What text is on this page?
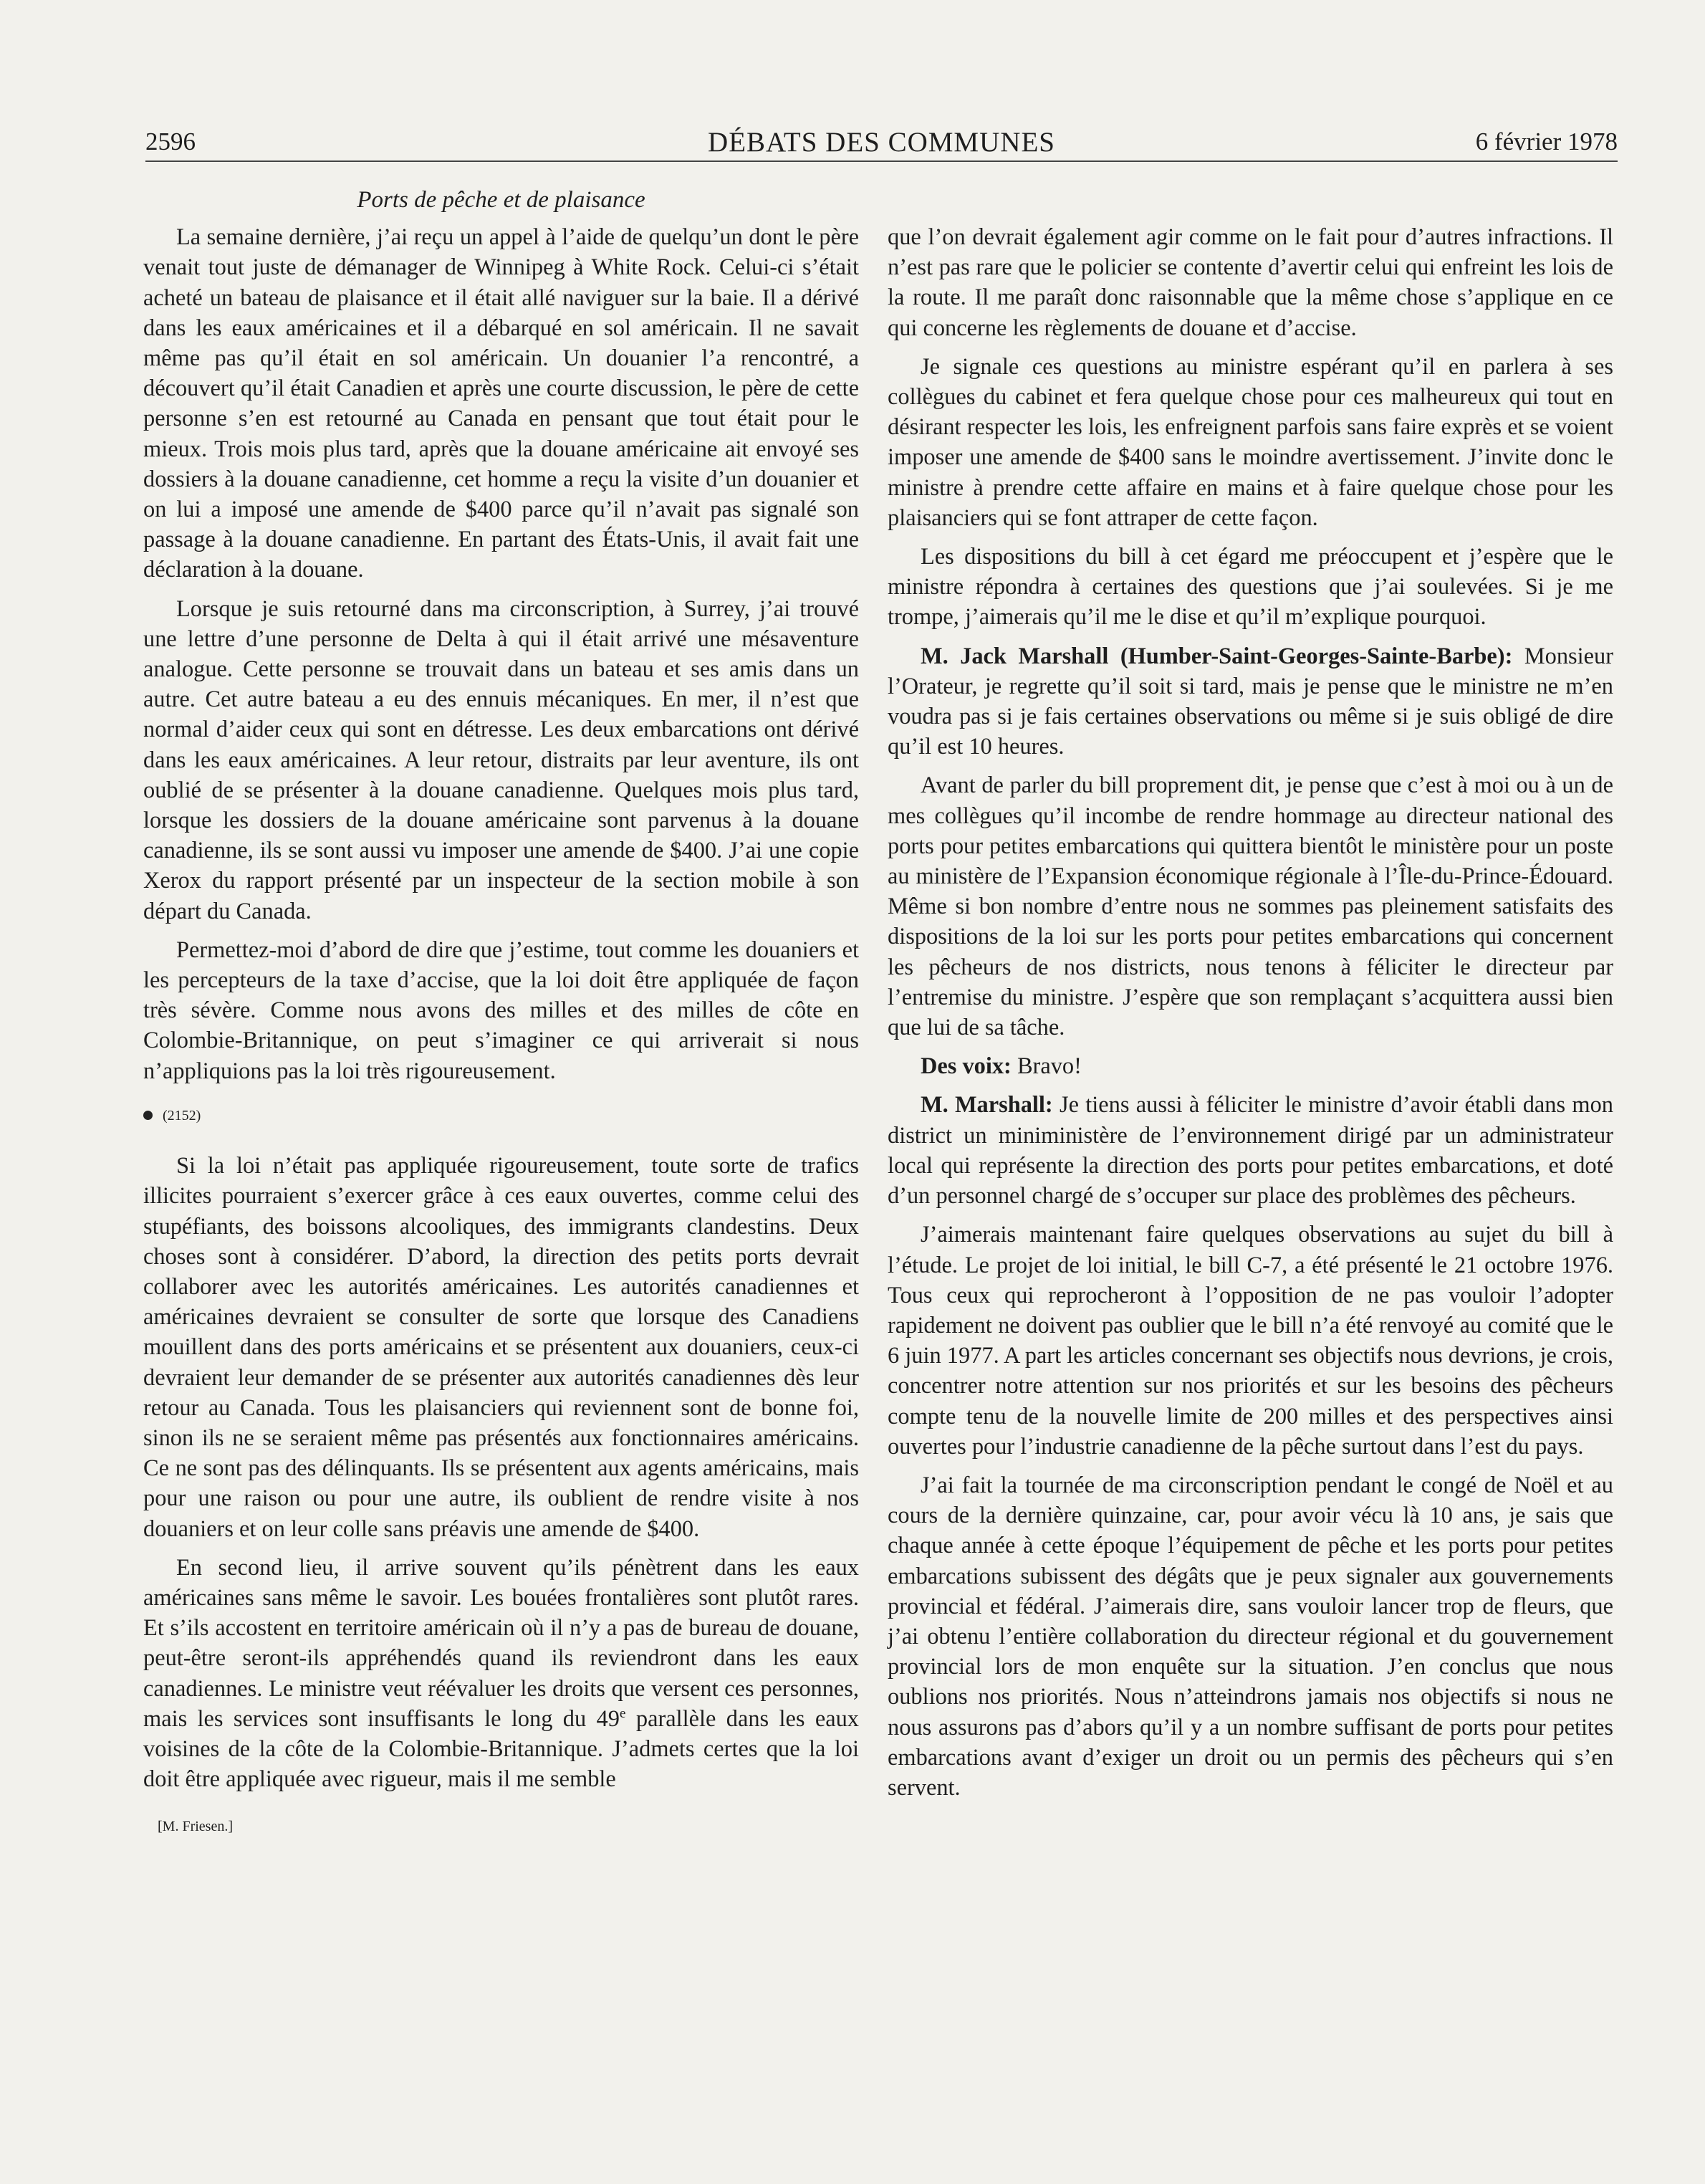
2596	DÉBATS DES COMMUNES	6 février 1978
Ports de pêche et de plaisance

La semaine dernière, j’ai reçu un appel à l’aide de quelqu’un dont le père venait tout juste de démanager de Winnipeg à White Rock. Celui-ci s’était acheté un bateau de plaisance et il était allé naviguer sur la baie. Il a dérivé dans les eaux américaines et il a débarqué en sol américain. Il ne savait même pas qu’il était en sol américain. Un douanier l’a rencontré, a découvert qu’il était Canadien et après une courte discussion, le père de cette personne s’en est retourné au Canada en pensant que tout était pour le mieux. Trois mois plus tard, après que la douane américaine ait envoyé ses dossiers à la douane canadienne, cet homme a reçu la visite d’un douanier et on lui a imposé une amende de $400 parce qu’il n’avait pas signalé son passage à la douane canadienne. En partant des États-Unis, il avait fait une déclaration à la douane.

Lorsque je suis retourné dans ma circonscription, à Surrey, j’ai trouvé une lettre d’une personne de Delta à qui il était arrivé une mésaventure analogue. Cette personne se trouvait dans un bateau et ses amis dans un autre. Cet autre bateau a eu des ennuis mécaniques. En mer, il n’est que normal d’aider ceux qui sont en détresse. Les deux embarcations ont dérivé dans les eaux américaines. A leur retour, distraits par leur aventure, ils ont oublié de se présenter à la douane canadienne. Quelques mois plus tard, lorsque les dossiers de la douane américaine sont parvenus à la douane canadienne, ils se sont aussi vu imposer une amende de $400. J’ai une copie Xerox du rapport présenté par un inspecteur de la section mobile à son départ du Canada.

Permettez-moi d’abord de dire que j’estime, tout comme les douaniers et les percepteurs de la taxe d’accise, que la loi doit être appliquée de façon très sévère. Comme nous avons des milles et des milles de côte en Colombie-Britannique, on peut s’imaginer ce qui arriverait si nous n’appliquions pas la loi très rigoureusement.

(2152)

Si la loi n’était pas appliquée rigoureusement, toute sorte de trafics illicites pourraient s’exercer grâce à ces eaux ouvertes, comme celui des stupéfiants, des boissons alcooliques, des immigrants clandestins. Deux choses sont à considérer. D’abord, la direction des petits ports devrait collaborer avec les autorités américaines. Les autorités canadiennes et américaines devraient se consulter de sorte que lorsque des Canadiens mouillent dans des ports américains et se présentent aux douaniers, ceux-ci devraient leur demander de se présenter aux autorités canadiennes dès leur retour au Canada. Tous les plaisanciers qui reviennent sont de bonne foi, sinon ils ne se seraient même pas présentés aux fonctionnaires américains. Ce ne sont pas des délinquants. Ils se présentent aux agents américains, mais pour une raison ou pour une autre, ils oublient de rendre visite à nos douaniers et on leur colle sans préavis une amende de $400.

En second lieu, il arrive souvent qu’ils pénètrent dans les eaux américaines sans même le savoir. Les bouées frontalières sont plutôt rares. Et s’ils accostent en territoire américain où il n’y a pas de bureau de douane, peut-être seront-ils appréhendés quand ils reviendront dans les eaux canadiennes. Le ministre veut réévaluer les droits que versent ces personnes, mais les services sont insuffisants le long du 49e parallèle dans les eaux voisines de la côte de la Colombie-Britannique. J’admets certes que la loi doit être appliquée avec rigueur, mais il me semble

[M. Friesen.]

que l’on devrait également agir comme on le fait pour d’autres infractions. Il n’est pas rare que le policier se contente d’avertir celui qui enfreint les lois de la route. Il me paraît donc raisonnable que la même chose s’applique en ce qui concerne les règlements de douane et d’accise.

Je signale ces questions au ministre espérant qu’il en parlera à ses collègues du cabinet et fera quelque chose pour ces malheureux qui tout en désirant respecter les lois, les enfreignent parfois sans faire exprès et se voient imposer une amende de $400 sans le moindre avertissement. J’invite donc le ministre à prendre cette affaire en mains et à faire quelque chose pour les plaisanciers qui se font attraper de cette façon.

Les dispositions du bill à cet égard me préoccupent et j’espère que le ministre répondra à certaines des questions que j’ai soulevées. Si je me trompe, j’aimerais qu’il me le dise et qu’il m’explique pourquoi.

M. Jack Marshall (Humber-Saint-Georges-Sainte-Barbe): Monsieur l’Orateur, je regrette qu’il soit si tard, mais je pense que le ministre ne m’en voudra pas si je fais certaines observations ou même si je suis obligé de dire qu’il est 10 heures.

Avant de parler du bill proprement dit, je pense que c’est à moi ou à un de mes collègues qu’il incombe de rendre hommage au directeur national des ports pour petites embarcations qui quittera bientôt le ministère pour un poste au ministère de l’Expansion économique régionale à l’Île-du-Prince-Édouard. Même si bon nombre d’entre nous ne sommes pas pleinement satisfaits des dispositions de la loi sur les ports pour petites embarcations qui concernent les pêcheurs de nos districts, nous tenons à féliciter le directeur par l’entremise du ministre. J’espère que son remplaçant s’acquittera aussi bien que lui de sa tâche.

Des voix: Bravo!

M. Marshall: Je tiens aussi à féliciter le ministre d’avoir établi dans mon district un miniministère de l’environnement dirigé par un administrateur local qui représente la direction des ports pour petites embarcations, et doté d’un personnel chargé de s’occuper sur place des problèmes des pêcheurs.

J’aimerais maintenant faire quelques observations au sujet du bill à l’étude. Le projet de loi initial, le bill C-7, a été présenté le 21 octobre 1976. Tous ceux qui reprocheront à l’opposition de ne pas vouloir l’adopter rapidement ne doivent pas oublier que le bill n’a été renvoyé au comité que le 6 juin 1977. A part les articles concernant ses objectifs nous devrions, je crois, concentrer notre attention sur nos priorités et sur les besoins des pêcheurs compte tenu de la nouvelle limite de 200 milles et des perspectives ainsi ouvertes pour l’industrie canadienne de la pêche surtout dans l’est du pays.

J’ai fait la tournée de ma circonscription pendant le congé de Noël et au cours de la dernière quinzaine, car, pour avoir vécu là 10 ans, je sais que chaque année à cette époque l’équipement de pêche et les ports pour petites embarcations subissent des dégâts que je peux signaler aux gouvernements provincial et fédéral. J’aimerais dire, sans vouloir lancer trop de fleurs, que j’ai obtenu l’entière collaboration du directeur régional et du gouvernement provincial lors de mon enquête sur la situation. J’en conclus que nous oublions nos priorités. Nous n’atteindrons jamais nos objectifs si nous ne nous assurons pas d’abors qu’il y a un nombre suffisant de ports pour petites embarcations avant d’exiger un droit ou un permis des pêcheurs qui s’en servent.
